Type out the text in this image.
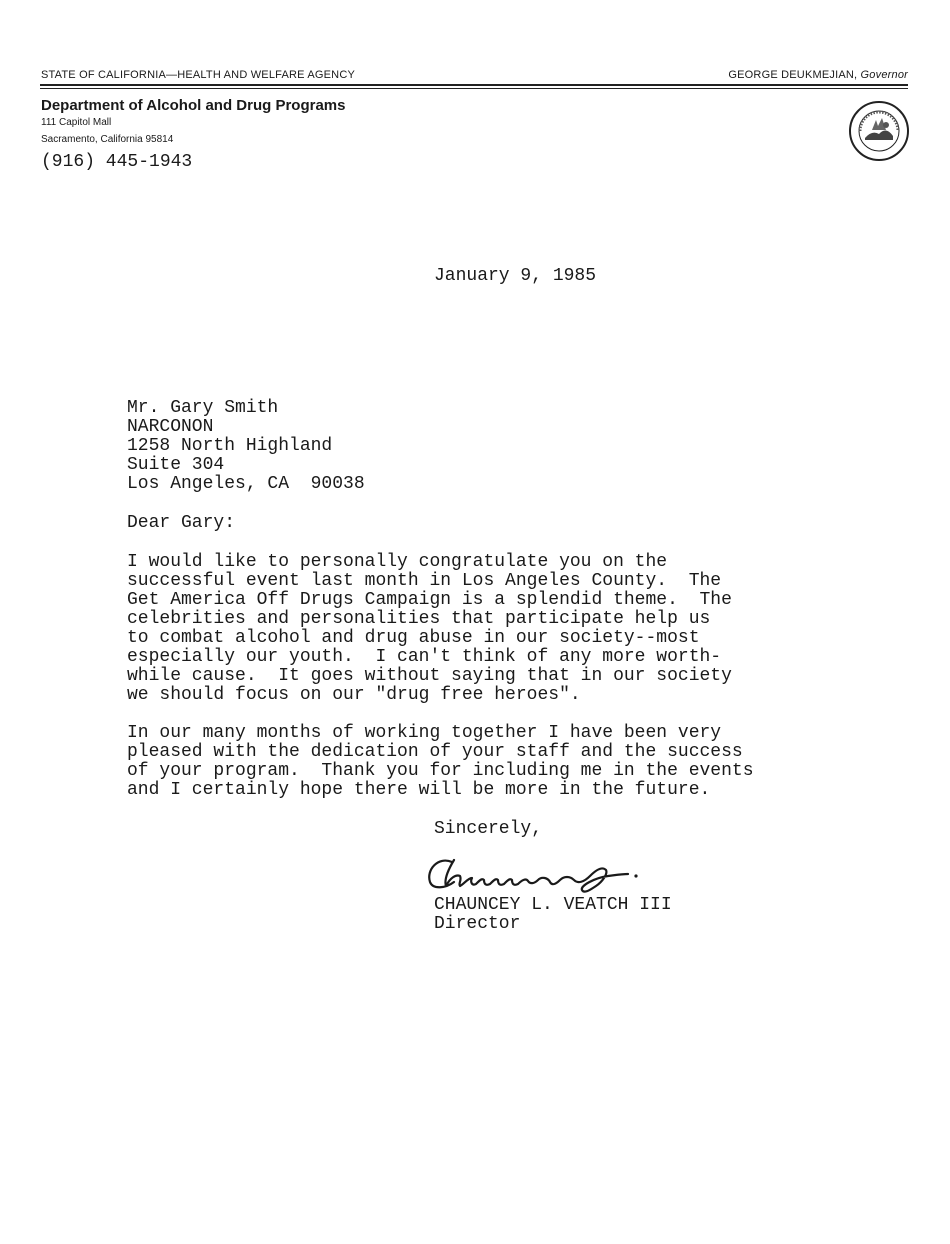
STATE OF CALIFORNIA—HEALTH AND WELFARE AGENCY	GEORGE DEUKMEJIAN, Governor
Department of Alcohol and Drug Programs
111 Capitol Mall
Sacramento, California 95814
(916) 445-1943
January 9, 1985
Mr. Gary Smith
NARCONON
1258 North Highland
Suite 304
Los Angeles, CA  90038
Dear Gary:
I would like to personally congratulate you on the
successful event last month in Los Angeles County.  The
Get America Off Drugs Campaign is a splendid theme.  The
celebrities and personalities that participate help us
to combat alcohol and drug abuse in our society--most
especially our youth.  I can't think of any more worth-
while cause.  It goes without saying that in our society
we should focus on our "drug free heroes".
In our many months of working together I have been very
pleased with the dedication of your staff and the success
of your program.  Thank you for including me in the events
and I certainly hope there will be more in the future.
Sincerely,
CHAUNCEY L. VEATCH III
Director
